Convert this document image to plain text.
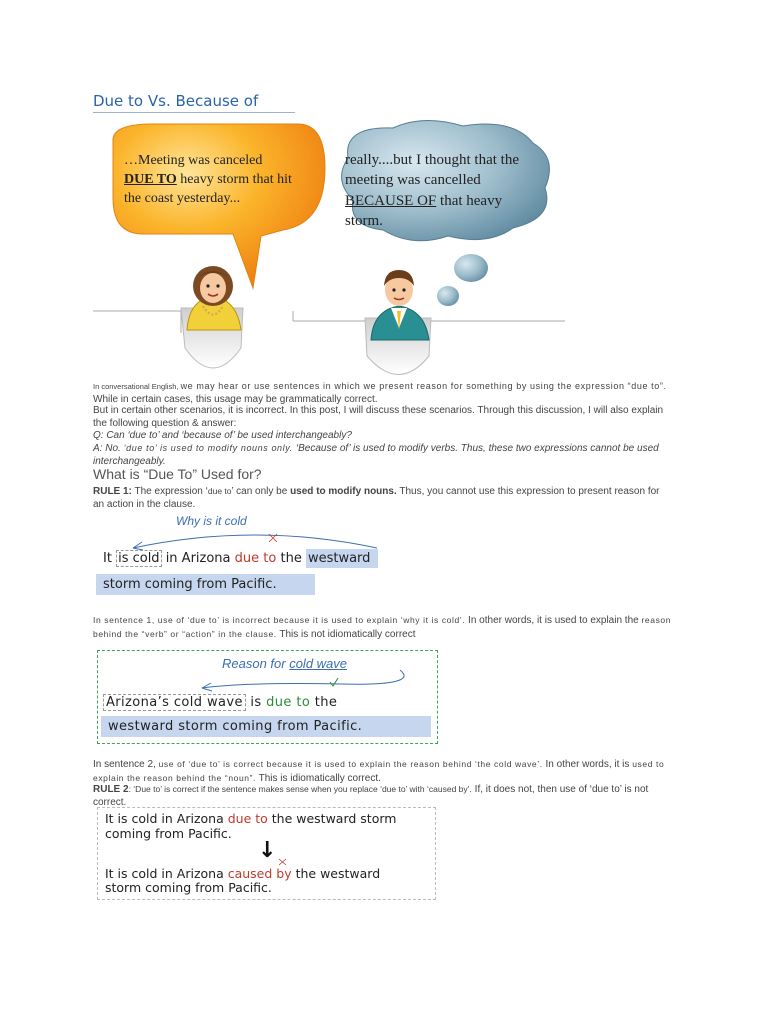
Due to Vs. Because of
…Meeting was canceled
DUE TO heavy storm that hit the coast yesterday...
really....but I thought that the meeting was cancelled
BECAUSE OF that heavy storm.
In conversational English, we may hear or use sentences in which we present reason for something by using the expression “due to”. While in certain cases, this usage may be grammatically correct.
But in certain other scenarios, it is incorrect. In this post, I will discuss these scenarios. Through this discussion, I will also explain the following question & answer:
Q: Can ‘due to’ and ‘because of’ be used interchangeably?
A: No. ‘due to’ is used to modify nouns only. ‘Because of’ is used to modify verbs. Thus, these two expressions cannot be used interchangeably.
What is “Due To” Used for?
RULE 1: The expression ‘due to’ can only be used to modify nouns. Thus, you cannot use this expression to present reason for an action in the clause.
Why is it cold
It is cold in Arizona due to the westward
storm coming from Pacific.
In sentence 1, use of ‘due to’ is incorrect because it is used to explain ‘why it is cold’. In other words, it is used to explain the reason behind the “verb” or “action” in the clause. This is not idiomatically correct
Reason for cold wave
Arizona’s cold wave is due to the
westward storm coming from Pacific.
In sentence 2, use of ‘due to’ is correct because it is used to explain the reason behind ‘the cold wave’. In other words, it is used to explain the reason behind the “noun”. This is idiomatically correct.
RULE 2: ‘Due to’ is correct if the sentence makes sense when you replace ‘due to’ with ‘caused by’. If, it does not, then use of ‘due to’ is not correct.
It is cold in Arizona due to the westward storm
coming from Pacific.
↓
It is cold in Arizona caused by the westward
storm coming from Pacific.
